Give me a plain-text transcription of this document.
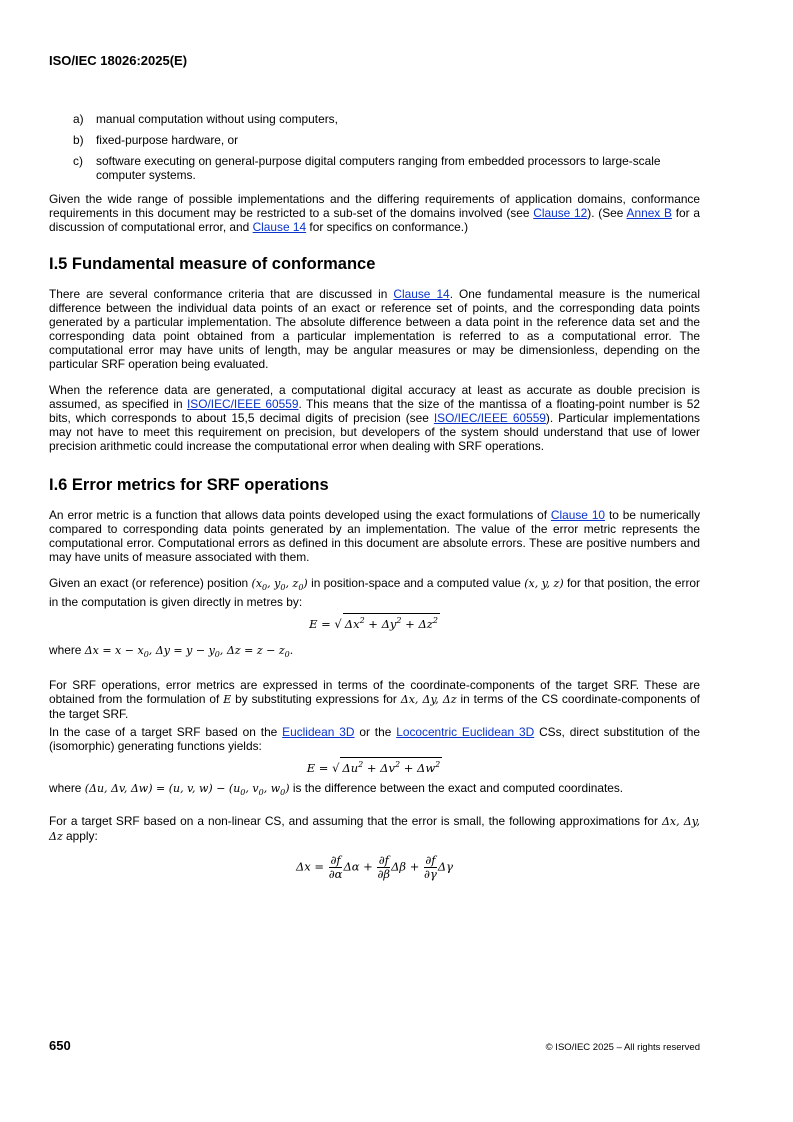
ISO/IEC 18026:2025(E)
a) manual computation without using computers,
b) fixed-purpose hardware, or
c) software executing on general-purpose digital computers ranging from embedded processors to large-scale computer systems.

Given the wide range of possible implementations and the differing requirements of application domains, conformance requirements in this document may be restricted to a sub-set of the domains involved (see Clause 12). (See Annex B for a discussion of computational error, and Clause 14 for specifics on conformance.)

I.5 Fundamental measure of conformance

There are several conformance criteria that are discussed in Clause 14. One fundamental measure is the numerical difference between the individual data points of an exact or reference set of points, and the corresponding data points generated by a particular implementation. The absolute difference between a data point in the reference data set and the corresponding data point obtained from a particular implementation is referred to as a computational error. The computational error may have units of length, may be angular measures or may be dimensionless, depending on the particular SRF operation being evaluated.

When the reference data are generated, a computational digital accuracy at least as accurate as double precision is assumed, as specified in ISO/IEC/IEEE 60559. This means that the size of the mantissa of a floating-point number is 52 bits, which corresponds to about 15,5 decimal digits of precision (see ISO/IEC/IEEE 60559). Particular implementations may not have to meet this requirement on precision, but developers of the system should understand that use of lower precision arithmetic could increase the computational error when dealing with SRF operations.

I.6 Error metrics for SRF operations

An error metric is a function that allows data points developed using the exact formulations of Clause 10 to be numerically compared to corresponding data points generated by an implementation. The value of the error metric represents the computational error. Computational errors as defined in this document are absolute errors. These are positive numbers and may have units of measure associated with them.

Given an exact (or reference) position ($x_0$, $y_0$, $z_0$) in position-space and a computed value (x, y, z) for that position, the error in the computation is given directly in metres by:

E = √ $\Delta x^2 + \Delta y^2 + \Delta z^2$

where $\Delta x = x - x_0$, $\Delta y = y - y_0$, $\Delta z = z - z_0$.

For SRF operations, error metrics are expressed in terms of the coordinate-components of the target SRF. These are obtained from the formulation of E by substituting expressions for Δx, Δy, Δz in terms of the CS coordinate-components of the target SRF.

In the case of a target SRF based on the Euclidean 3D or the Lococentric Euclidean 3D CSs, direct substitution of the (isomorphic) generating functions yields:

E = √ $\Delta u^2 + \Delta v^2 + \Delta w^2$

where (Δu, Δv, Δw) = (u, v, $w) - (u_0$, $v_0$, $w_0$) is the difference between the exact and computed coordinates.

For a target SRF based on a non-linear CS, and assuming that the error is small, the following approximations for Δx, Δy, Δz apply:

$\Delta x = \frac{\partial f}{\partial\alpha}$ $\Delta\alpha + \frac{\partial f}{\partial\beta}$ $\Delta\beta + \frac{\partial f}{\partial\gamma}$ Δγ
650	© ISO/IEC 2025 – All rights reserved
